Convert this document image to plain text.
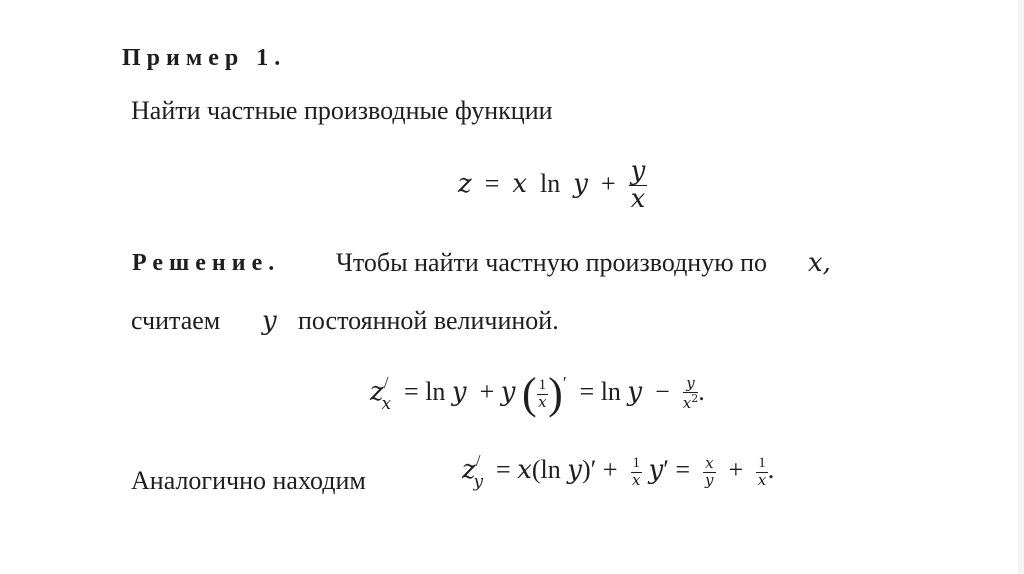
Пример 1.
Найти частные производные функции
z  =  x  $\ln y + \frac{y}{x}$
Решение. Чтобы найти частную производную по x,
считаем y постоянной величиной.
$z^/_x = \ln y + y$ ( $\frac{1}{x} )' = \ln y - \frac{y}{x^2}$ .
Аналогично находим	$z^/_y = x(\ln$ $y)' + \frac{1}{x} y' = \frac{x}{y} + \frac{1}{x}$ .
